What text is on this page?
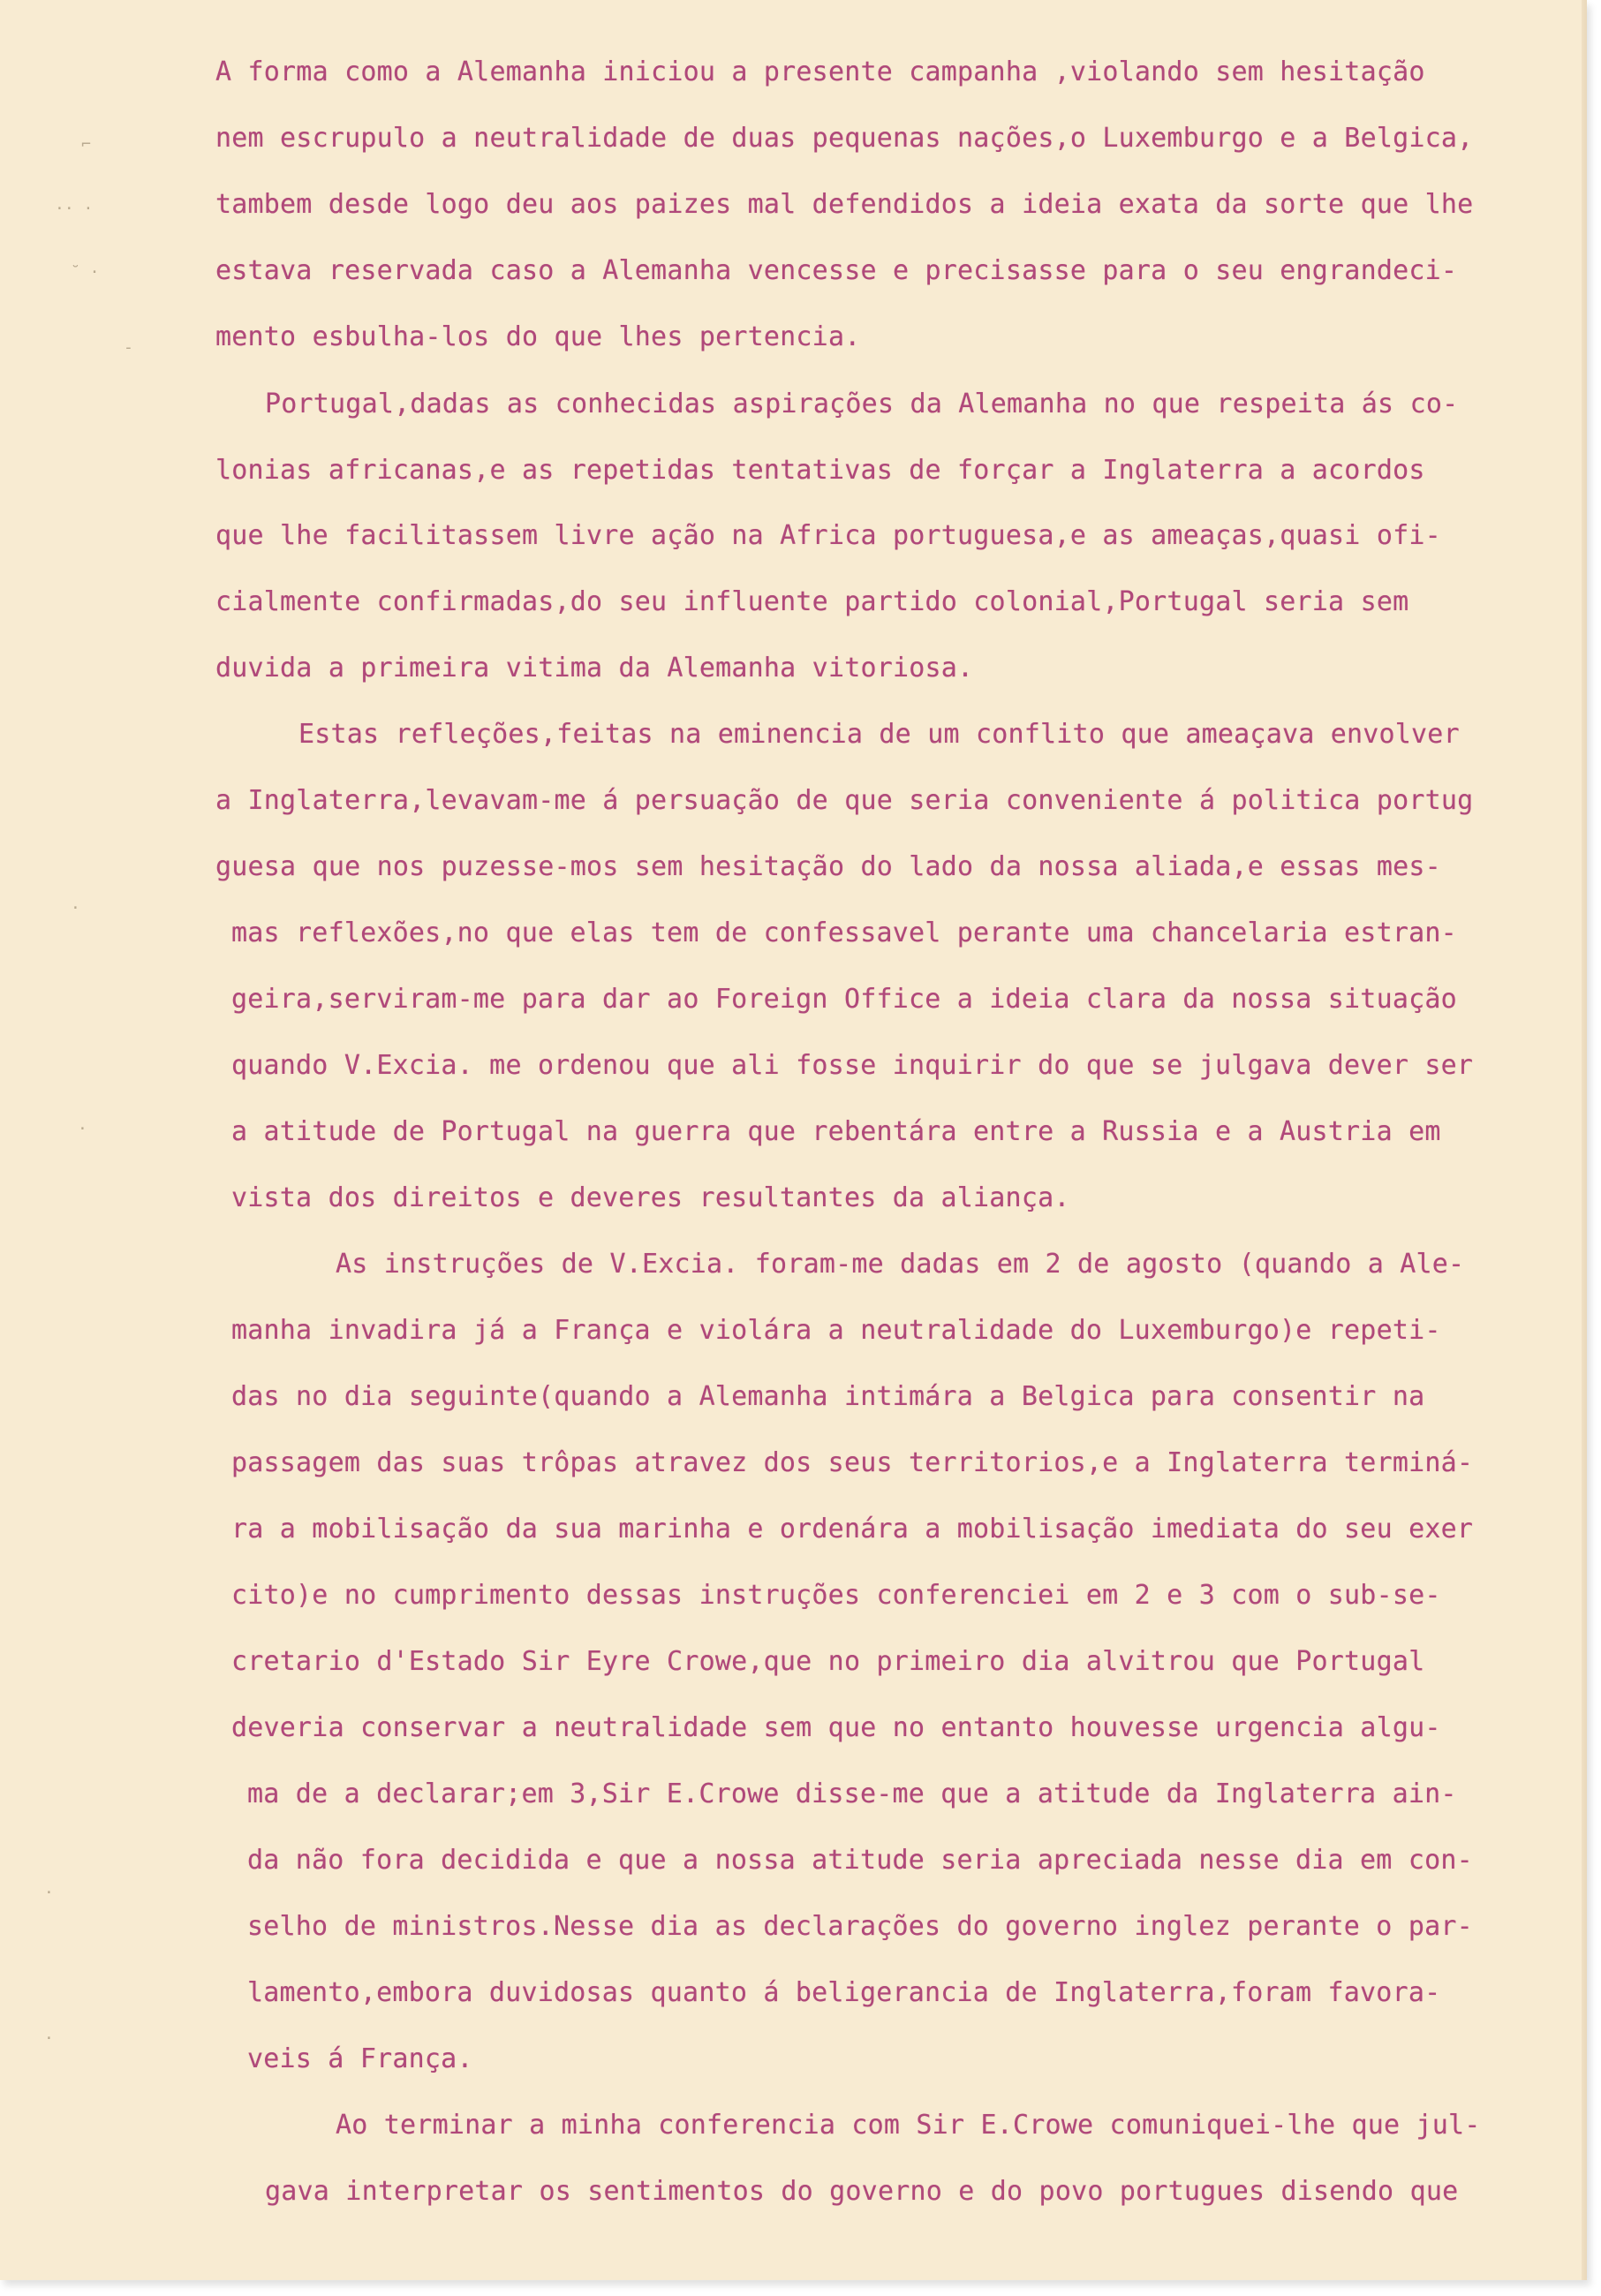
⌐
·· ·
˘ ·
-
·
·
·
·
A forma como a Alemanha iniciou a presente campanha ,violando sem hesitação
nem escrupulo a neutralidade de duas pequenas nações,o Luxemburgo e a Belgica,
tambem desde logo deu aos paizes mal defendidos a ideia exata da sorte que lhe
estava reservada caso a Alemanha vencesse e precisasse para o seu engrandeci-
mento esbulha-los do que lhes pertencia.
Portugal,dadas as conhecidas aspirações da Alemanha no que respeita ás co-
lonias africanas,e as repetidas tentativas de forçar a Inglaterra a acordos
que lhe facilitassem livre ação na Africa portuguesa,e as ameaças,quasi ofi-
cialmente confirmadas,do seu influente partido colonial,Portugal seria sem
duvida a primeira vitima da Alemanha vitoriosa.
Estas refleções,feitas na eminencia de um conflito que ameaçava envolver
a Inglaterra,levavam-me á persuação de que seria conveniente á politica portug
guesa que nos puzesse-mos sem hesitação do lado da nossa aliada,e essas mes-
mas reflexões,no que elas tem de confessavel perante uma chancelaria estran-
geira,serviram-me para dar ao Foreign Office a ideia clara da nossa situação
quando V.Excia. me ordenou que ali fosse inquirir do que se julgava dever ser
a atitude de Portugal na guerra que rebentára entre a Russia e a Austria em
vista dos direitos e deveres resultantes da aliança.
As instruções de V.Excia. foram-me dadas em 2 de agosto (quando a Ale-
manha invadira já a França e violára a neutralidade do Luxemburgo)e repeti-
das no dia seguinte(quando a Alemanha intimára a Belgica para consentir na
passagem das suas trôpas atravez dos seus territorios,e a Inglaterra terminá-
ra a mobilisação da sua marinha e ordenára a mobilisação imediata do seu exer
cito)e no cumprimento dessas instruções conferenciei em 2 e 3 com o sub-se-
cretario d'Estado Sir Eyre Crowe,que no primeiro dia alvitrou que Portugal
deveria conservar a neutralidade sem que no entanto houvesse urgencia algu-
ma de a declarar;em 3,Sir E.Crowe disse-me que a atitude da Inglaterra ain-
da não fora decidida e que a nossa atitude seria apreciada nesse dia em con-
selho de ministros.Nesse dia as declarações do governo inglez perante o par-
lamento,embora duvidosas quanto á beligerancia de Inglaterra,foram favora-
veis á França.
Ao terminar a minha conferencia com Sir E.Crowe comuniquei-lhe que jul-
gava interpretar os sentimentos do governo e do povo portugues disendo que
